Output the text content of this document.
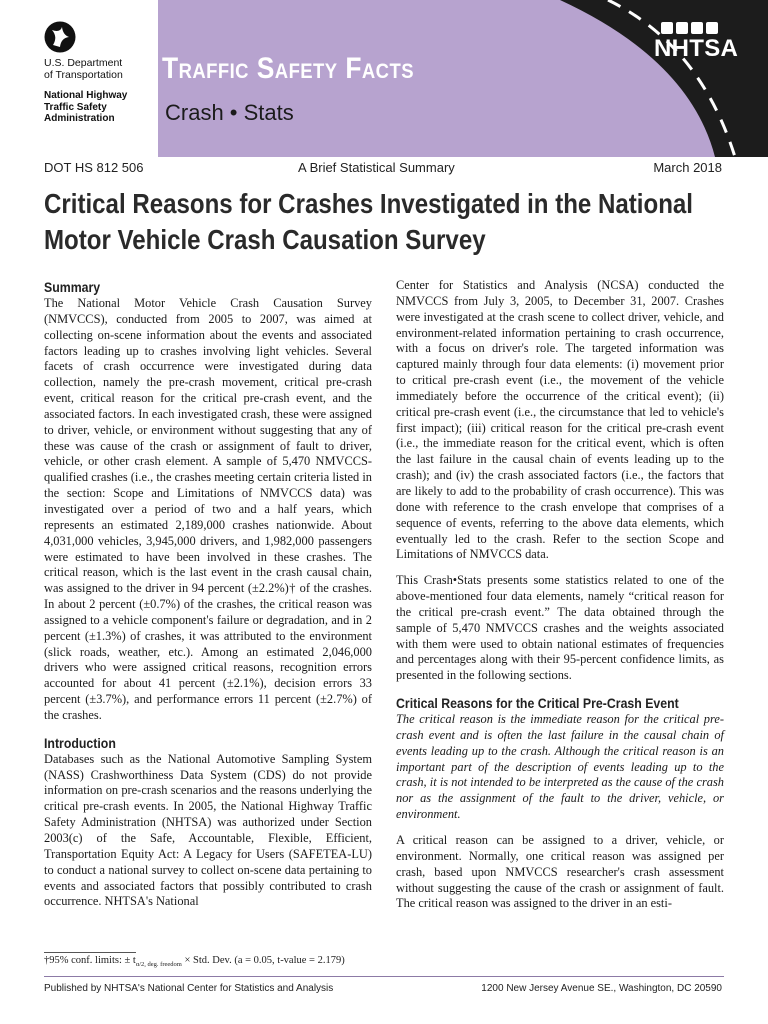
U.S. Department
of Transportation
National Highway
Traffic Safety
Administration
Traffic Safety Facts
Crash • Stats
NHTSA
DOT HS 812 506	A Brief Statistical Summary	March 2018
Critical Reasons for Crashes Investigated in the National Motor Vehicle Crash Causation Survey
Summary

The National Motor Vehicle Crash Causation Survey (NMVCCS), conducted from 2005 to 2007, was aimed at collecting on-scene information about the events and associated factors leading up to crashes involving light vehicles. Several facets of crash occurrence were investigated during data collection, namely the pre-crash movement, critical pre-crash event, critical reason for the critical pre-crash event, and the associated factors. In each investigated crash, these were assigned to driver, vehicle, or environment without suggesting that any of these was cause of the crash or assignment of fault to driver, vehicle, or other crash element. A sample of 5,470 NMVCCS-qualified crashes (i.e., the crashes meeting certain criteria listed in the section: Scope and Limitations of NMVCCS data) was investigated over a period of two and a half years, which represents an estimated 2,189,000 crashes nationwide. About 4,031,000 vehicles, 3,945,000 drivers, and 1,982,000 passengers were estimated to have been involved in these crashes. The critical reason, which is the last event in the crash causal chain, was assigned to the driver in 94 percent (±2.2%)† of the crashes. In about 2 percent (±0.7%) of the crashes, the critical reason was assigned to a vehicle component's failure or degradation, and in 2 percent (±1.3%) of crashes, it was attributed to the environment (slick roads, weather, etc.). Among an estimated 2,046,000 drivers who were assigned critical reasons, recognition errors accounted for about 41 percent (±2.1%), decision errors 33 percent (±3.7%), and performance errors 11 percent (±2.7%) of the crashes.

Introduction

Databases such as the National Automotive Sampling System (NASS) Crashworthiness Data System (CDS) do not provide information on pre-crash scenarios and the reasons underlying the critical pre-crash events. In 2005, the National Highway Traffic Safety Administration (NHTSA) was authorized under Section 2003(c) of the Safe, Accountable, Flexible, Efficient, Transportation Equity Act: A Legacy for Users (SAFETEA-LU) to conduct a national survey to collect on-scene data pertaining to events and associated factors that possibly contributed to crash occurrence. NHTSA's National

Center for Statistics and Analysis (NCSA) conducted the NMVCCS from July 3, 2005, to December 31, 2007. Crashes were investigated at the crash scene to collect driver, vehicle, and environment-related information pertaining to crash occurrence, with a focus on driver's role. The targeted information was captured mainly through four data elements: (i) movement prior to critical pre-crash event (i.e., the movement of the vehicle immediately before the occurrence of the critical event); (ii) critical pre-crash event (i.e., the circumstance that led to vehicle's first impact); (iii) critical reason for the critical pre-crash event (i.e., the immediate reason for the critical event, which is often the last failure in the causal chain of events leading up to the crash); and (iv) the crash associated factors (i.e., the factors that are likely to add to the probability of crash occurrence). This was done with reference to the crash envelope that comprises of a sequence of events, referring to the above data elements, which eventually led to the crash. Refer to the section Scope and Limitations of NMVCCS data.

This Crash•Stats presents some statistics related to one of the above-mentioned four data elements, namely “critical reason for the critical pre-crash event.” The data obtained through the sample of 5,470 NMVCCS crashes and the weights associated with them were used to obtain national estimates of frequencies and percentages along with their 95-percent confidence limits, as presented in the following sections.

Critical Reasons for the Critical Pre-Crash Event

The critical reason is the immediate reason for the critical pre-crash event and is often the last failure in the causal chain of events leading up to the crash. Although the critical reason is an important part of the description of events leading up to the crash, it is not intended to be interpreted as the cause of the crash nor as the assignment of the fault to the driver, vehicle, or environment.

A critical reason can be assigned to a driver, vehicle, or environment. Normally, one critical reason was assigned per crash, based upon NMVCCS researcher's crash assessment without suggesting the cause of the crash or assignment of fault. The critical reason was assigned to the driver in an esti-

†95% conf. limits: ± $t_{\alpha/2, deg. freedom}$ × Std. Dev. (a = 0.05, t-value = 2.179)
Published by NHTSA's National Center for Statistics and Analysis	1200 New Jersey Avenue SE., Washington, DC 20590
